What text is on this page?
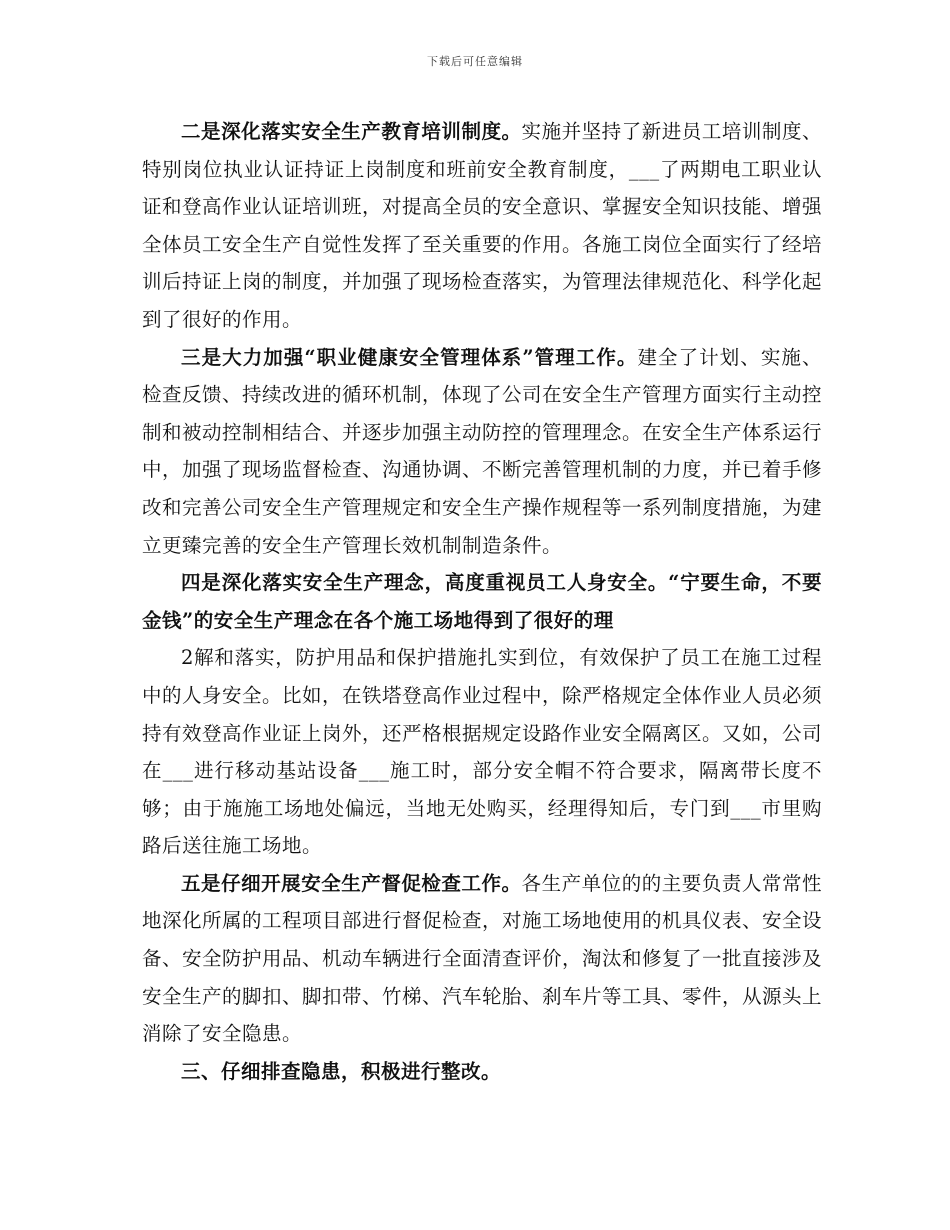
下载后可任意编辑

二是深化落实安全生产教育培训制度。实施并坚持了新进员工培训制度、特别岗位执业认证持证上岗制度和班前安全教育制度，___了两期电工职业认证和登高作业认证培训班，对提高全员的安全意识、掌握安全知识技能、增强全体员工安全生产自觉性发挥了至关重要的作用。各施工岗位全面实行了经培训后持证上岗的制度，并加强了现场检查落实，为管理法律规范化、科学化起到了很好的作用。

三是大力加强“职业健康安全管理体系”管理工作。建全了计划、实施、检查反馈、持续改进的循环机制，体现了公司在安全生产管理方面实行主动控制和被动控制相结合、并逐步加强主动防控的管理理念。在安全生产体系运行中，加强了现场监督检查、沟通协调、不断完善管理机制的力度，并已着手修改和完善公司安全生产管理规定和安全生产操作规程等一系列制度措施，为建立更臻完善的安全生产管理长效机制制造条件。

四是深化落实安全生产理念，高度重视员工人身安全。“宁要生命，不要金钱”的安全生产理念在各个施工场地得到了很好的理

2解和落实，防护用品和保护措施扎实到位，有效保护了员工在施工过程中的人身安全。比如，在铁塔登高作业过程中，除严格规定全体作业人员必须持有效登高作业证上岗外，还严格根据规定设路作业安全隔离区。又如，公司在___进行移动基站设备___施工时，部分安全帽不符合要求，隔离带长度不够；由于施施工场地处偏远，当地无处购买，经理得知后，专门到___市里购路后送往施工场地。

五是仔细开展安全生产督促检查工作。各生产单位的的主要负责人常常性地深化所属的工程项目部进行督促检查，对施工场地使用的机具仪表、安全设备、安全防护用品、机动车辆进行全面清查评价，淘汰和修复了一批直接涉及安全生产的脚扣、脚扣带、竹梯、汽车轮胎、刹车片等工具、零件，从源头上消除了安全隐患。

三、仔细排查隐患，积极进行整改。
